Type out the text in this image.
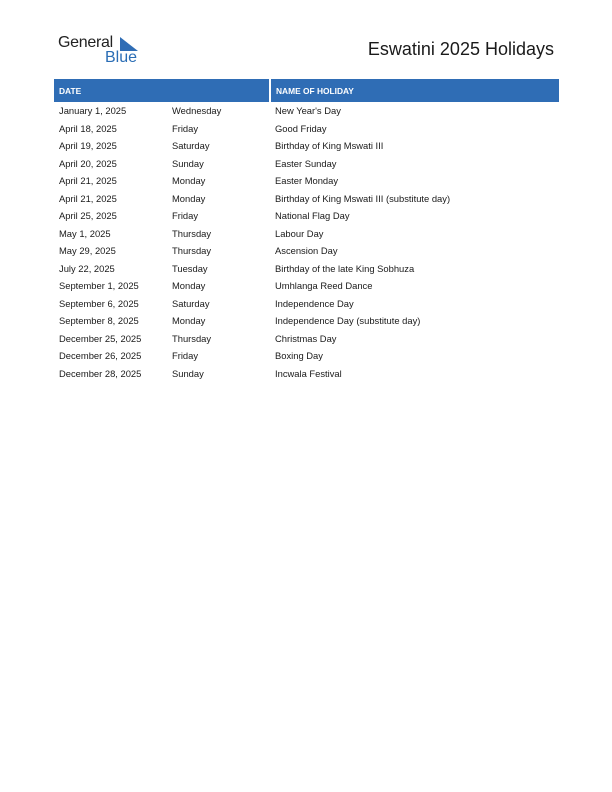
General
Blue	Eswatini 2025 Holidays
DATE		NAME OF HOLIDAY
January 1, 2025	Wednesday	New Year's Day
April 18, 2025	Friday	Good Friday
April 19, 2025	Saturday	Birthday of King Mswati III
April 20, 2025	Sunday	Easter Sunday
April 21, 2025	Monday	Easter Monday
April 21, 2025	Monday	Birthday of King Mswati III (substitute day)
April 25, 2025	Friday	National Flag Day
May 1, 2025	Thursday	Labour Day
May 29, 2025	Thursday	Ascension Day
July 22, 2025	Tuesday	Birthday of the late King Sobhuza
September 1, 2025	Monday	Umhlanga Reed Dance
September 6, 2025	Saturday	Independence Day
September 8, 2025	Monday	Independence Day (substitute day)
December 25, 2025	Thursday	Christmas Day
December 26, 2025	Friday	Boxing Day
December 28, 2025	Sunday	Incwala Festival
